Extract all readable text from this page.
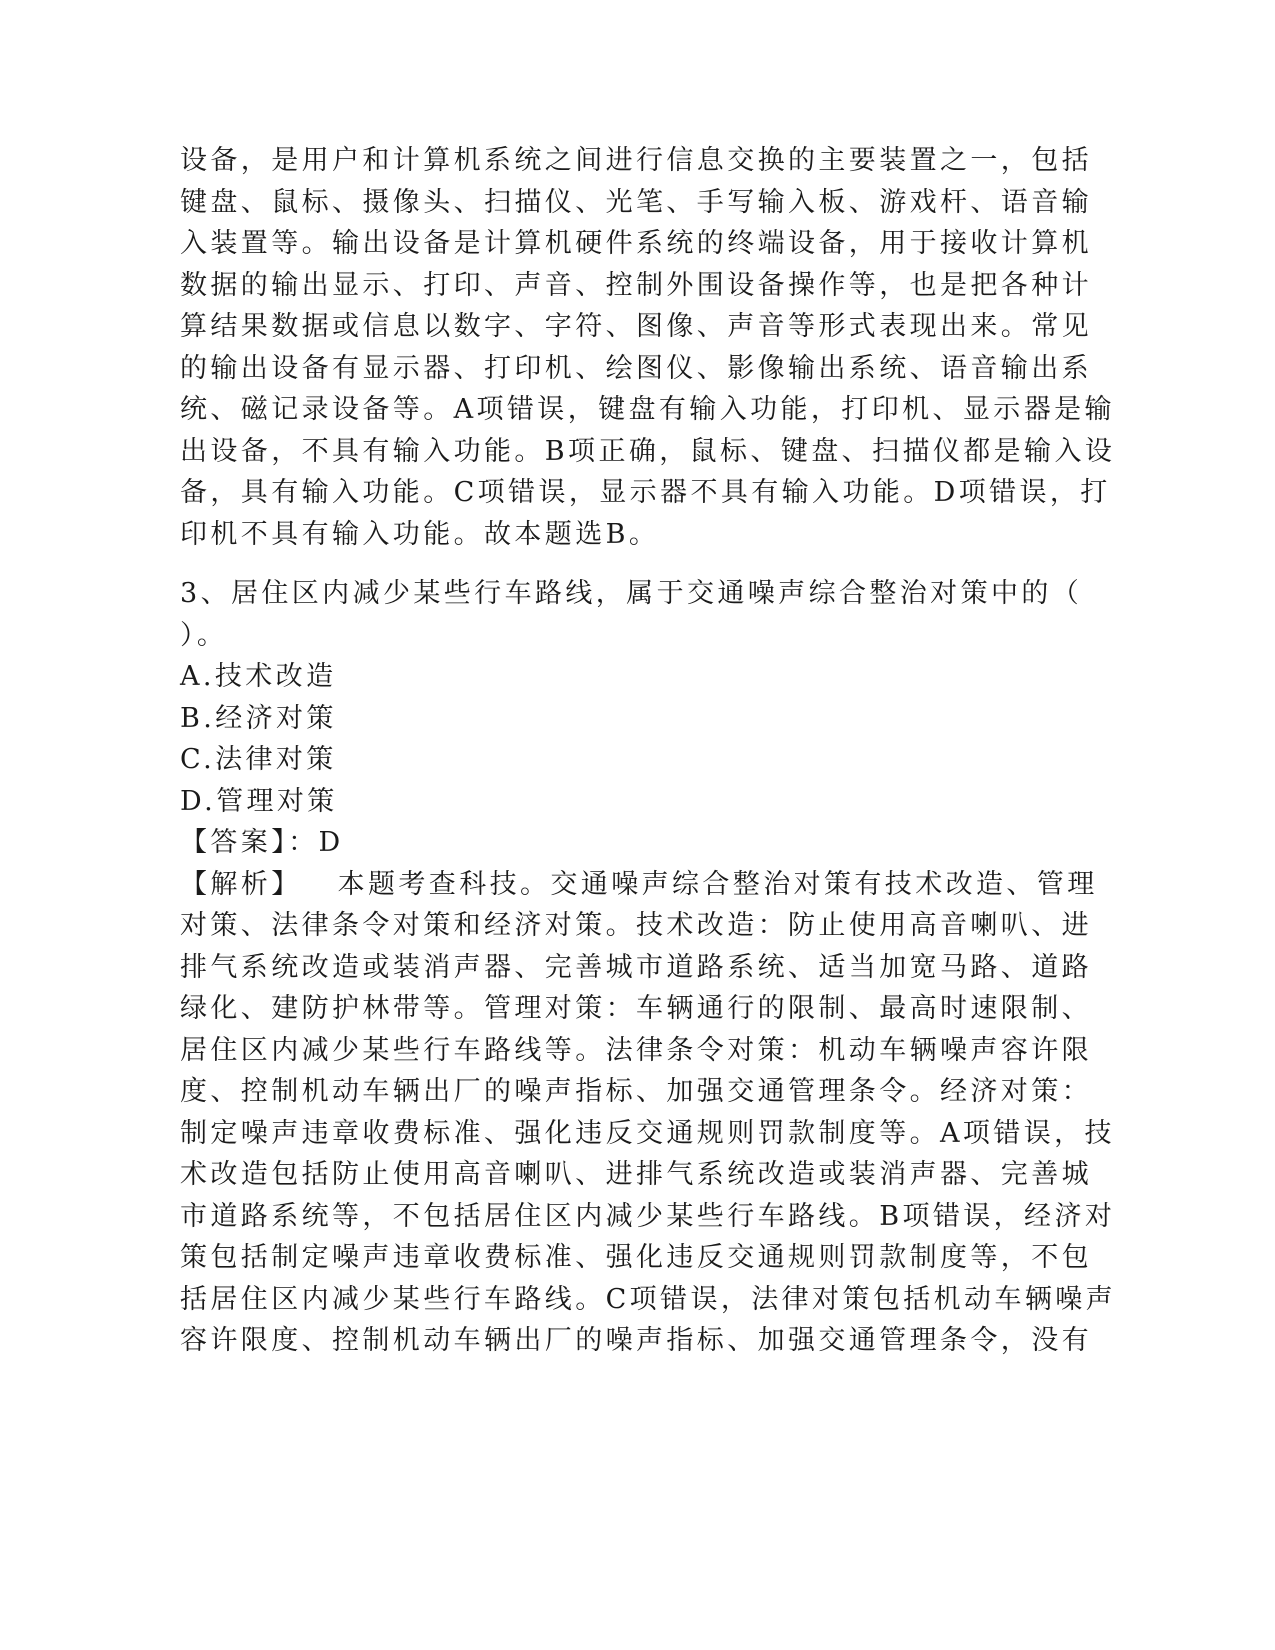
设备，是用户和计算机系统之间进行信息交换的主要装置之一，包括
键盘、鼠标、摄像头、扫描仪、光笔、手写输入板、游戏杆、语音输
入装置等。输出设备是计算机硬件系统的终端设备，用于接收计算机
数据的输出显示、打印、声音、控制外围设备操作等，也是把各种计
算结果数据或信息以数字、字符、图像、声音等形式表现出来。常见
的输出设备有显示器、打印机、绘图仪、影像输出系统、语音输出系
统、磁记录设备等。A项错误，键盘有输入功能，打印机、显示器是输
出设备，不具有输入功能。B项正确，鼠标、键盘、扫描仪都是输入设
备，具有输入功能。C项错误，显示器不具有输入功能。D项错误，打
印机不具有输入功能。故本题选B。
3、居住区内减少某些行车路线，属于交通噪声综合整治对策中的（
）。
A.技术改造
B.经济对策
C.法律对策
D.管理对策
【答案】：D
【解析】 本题考查科技。交通噪声综合整治对策有技术改造、管理
对策、法律条令对策和经济对策。技术改造：防止使用高音喇叭、进
排气系统改造或装消声器、完善城市道路系统、适当加宽马路、道路
绿化、建防护林带等。管理对策：车辆通行的限制、最高时速限制、
居住区内减少某些行车路线等。法律条令对策：机动车辆噪声容许限
度、控制机动车辆出厂的噪声指标、加强交通管理条令。经济对策：
制定噪声违章收费标准、强化违反交通规则罚款制度等。A项错误，技
术改造包括防止使用高音喇叭、进排气系统改造或装消声器、完善城
市道路系统等，不包括居住区内减少某些行车路线。B项错误，经济对
策包括制定噪声违章收费标准、强化违反交通规则罚款制度等，不包
括居住区内减少某些行车路线。C项错误，法律对策包括机动车辆噪声
容许限度、控制机动车辆出厂的噪声指标、加强交通管理条令，没有
